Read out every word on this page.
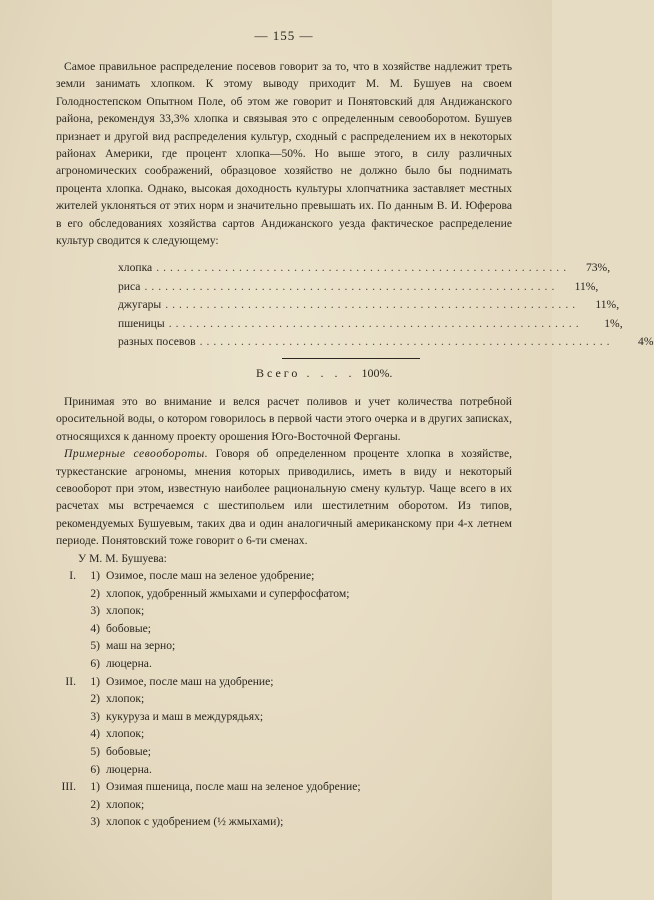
— 155 —

Самое правильное распределение посевов говорит за то, что в хозяйстве надлежит треть земли занимать хлопком. К этому выводу приходит М. М. Бушуев на своем Голодностепском Опытном Поле, об этом же говорит и Понятовский для Андижанского района, рекомендуя 33,3% хлопка и связывая это с определенным севооборотом. Бушуев признает и другой вид распределения культур, сходный с распределением их в некоторых районах Америки, где процент хлопка—50%. Но выше этого, в силу различных агрономических соображений, образцовое хозяйство не должно было бы поднимать процента хлопка. Однако, высокая доходность культуры хлопчатника заставляет местных жителей уклоняться от этих норм и значительно превышать их. По данным В. И. Юферова в его обследованиях хозяйства сартов Андижанского уезда фактическое распределение культур сводится к следующему:

хлопка ............................................................	73%,
риса ............................................................	11%,
джугары ............................................................	11%,
пшеницы ............................................................	1%,
разных посевов ............................................................	4%
Всего . . . . 100%.

Принимая это во внимание и велся расчет поливов и учет количества потребной оросительной воды, о котором говорилось в первой части этого очерка и в других записках, относящихся к данному проекту орошения Юго-Восточной Ферганы.

Примерные севообороты. Говоря об определенном проценте хлопка в хозяйстве, туркестанские агрономы, мнения которых приводились, иметь в виду и некоторый севооборот при этом, известную наиболее рациональную смену культур. Чаще всего в их расчетах мы встречаемся с шестипольем или шестилетним оборотом. Из типов, рекомендуемых Бушуевым, таких два и один аналогичный американскому при 4-х летнем периоде. Понятовский тоже говорит о 6-ти сменах.

У М. М. Бушуева:
I.	1) Озимое, после маш на зеленое удобрение;
2) хлопок, удобренный жмыхами и суперфосфатом;
3) хлопок;
4) бобовые;
5) маш на зерно;
6) люцерна.
II.	1) Озимое, после маш на удобрение;
2) хлопок;
3) кукуруза и маш в междурядьях;
4) хлопок;
5) бобовые;
6) люцерна.
III.	1) Озимая пшеница, после маш на зеленое удобрение;
2) хлопок;
3) хлопок с удобрением (½ жмыхами);
